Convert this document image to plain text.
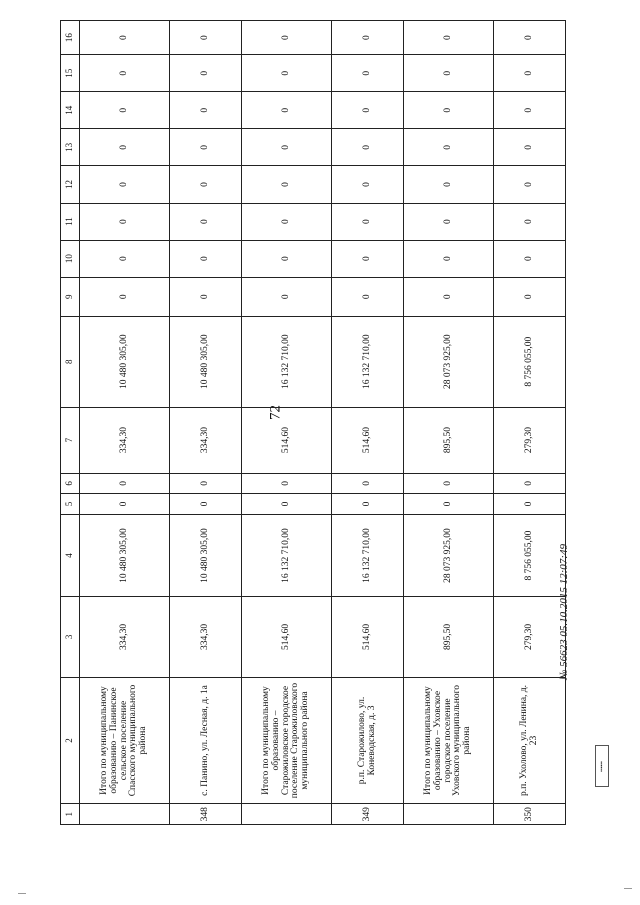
72
1	2	3	4	5	6	7	8	9	10	11	12	13	14	15	16
	Итого по муниципальному образованию – Панинское сельское поселение Спасского муниципального района	334,30	10 480 305,00	0	0	334,30	10 480 305,00	0	0	0	0	0	0	0	0
348	с. Панино, ул. Лесная, д. 1а	334,30	10 480 305,00	0	0	334,30	10 480 305,00	0	0	0	0	0	0	0	0
	Итого по муниципальному образованию – Старожиловское городское поселение Старожиловского муниципального района	514,60	16 132 710,00	0	0	514,60	16 132 710,00	0	0	0	0	0	0	0	0
349	р.п. Старожилово, ул. Коневодская, д. 3	514,60	16 132 710,00	0	0	514,60	16 132 710,00	0	0	0	0	0	0	0	0
	Итого по муниципальному образованию – Уховское городское поселение Уховского муниципального района	895,50	28 073 925,00	0	0	895,50	28 073 925,00	0	0	0	0	0	0	0	0
350	р.п. Ухолово, ул. Ленина, д. 23	279,30	8 756 055,00	0	0	279,30	8 756 055,00	0	0	0	0	0	0	0	0
№ 56623 05.10.2015 12:07:49
▪▪▪▪▪▪
